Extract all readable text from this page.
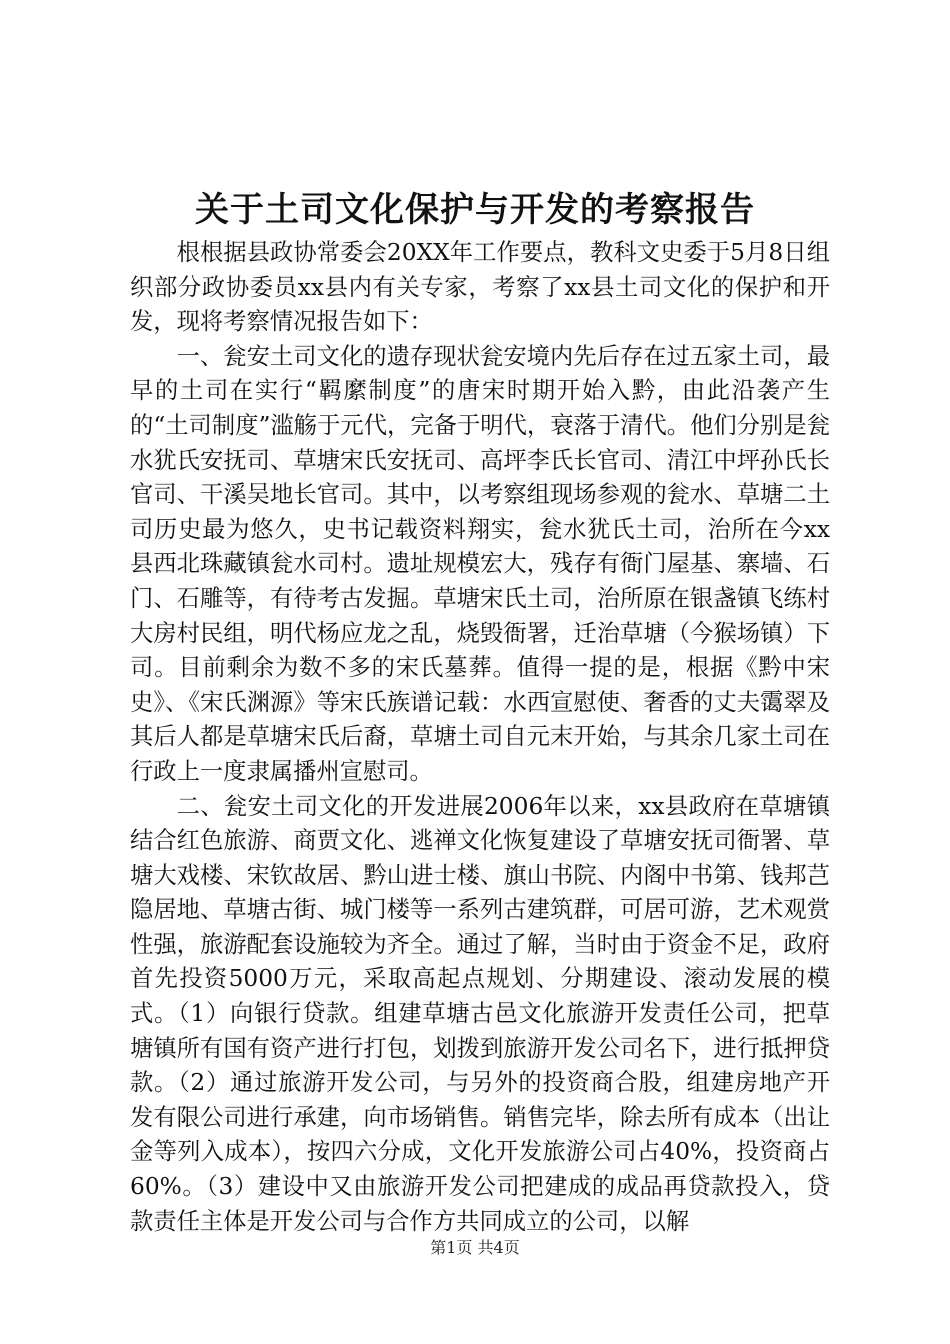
关于土司文化保护与开发的考察报告

根根据县政协常委会20XX年工作要点，教科文史委于5月8日组织部分政协委员xx县内有关专家，考察了xx县土司文化的保护和开发，现将考察情况报告如下：

一、瓮安土司文化的遗存现状瓮安境内先后存在过五家土司，最早的土司在实行“羁縻制度”的唐宋时期开始入黔，由此沿袭产生的“土司制度”滥觞于元代，完备于明代，衰落于清代。他们分别是瓮水犹氏安抚司、草塘宋氏安抚司、高坪李氏长官司、清江中坪孙氏长官司、干溪吴地长官司。其中，以考察组现场参观的瓮水、草塘二土司历史最为悠久，史书记载资料翔实，瓮水犹氏土司，治所在今xx县西北珠藏镇瓮水司村。遗址规模宏大，残存有衙门屋基、寨墙、石门、石雕等，有待考古发掘。草塘宋氏土司，治所原在银盏镇飞练村大房村民组，明代杨应龙之乱，烧毁衙署，迁治草塘（今猴场镇）下司。目前剩余为数不多的宋氏墓葬。值得一提的是，根据《黔中宋史》、《宋氏渊源》等宋氏族谱记载：水西宣慰使、奢香的丈夫霭翠及其后人都是草塘宋氏后裔，草塘土司自元末开始，与其余几家土司在行政上一度隶属播州宣慰司。

二、瓮安土司文化的开发进展2006年以来，xx县政府在草塘镇结合红色旅游、商贾文化、逃禅文化恢复建设了草塘安抚司衙署、草塘大戏楼、宋钦故居、黔山进士楼、旗山书院、内阁中书第、钱邦芑隐居地、草塘古街、城门楼等一系列古建筑群，可居可游，艺术观赏性强，旅游配套设施较为齐全。通过了解，当时由于资金不足，政府首先投资5000万元，采取高起点规划、分期建设、滚动发展的模式。（1）向银行贷款。组建草塘古邑文化旅游开发责任公司，把草塘镇所有国有资产进行打包，划拨到旅游开发公司名下，进行抵押贷款。（2）通过旅游开发公司，与另外的投资商合股，组建房地产开发有限公司进行承建，向市场销售。销售完毕，除去所有成本（出让金等列入成本），按四六分成，文化开发旅游公司占40%，投资商占60%。（3）建设中又由旅游开发公司把建成的成品再贷款投入，贷款责任主体是开发公司与合作方共同成立的公司，以解

第1页 共4页
